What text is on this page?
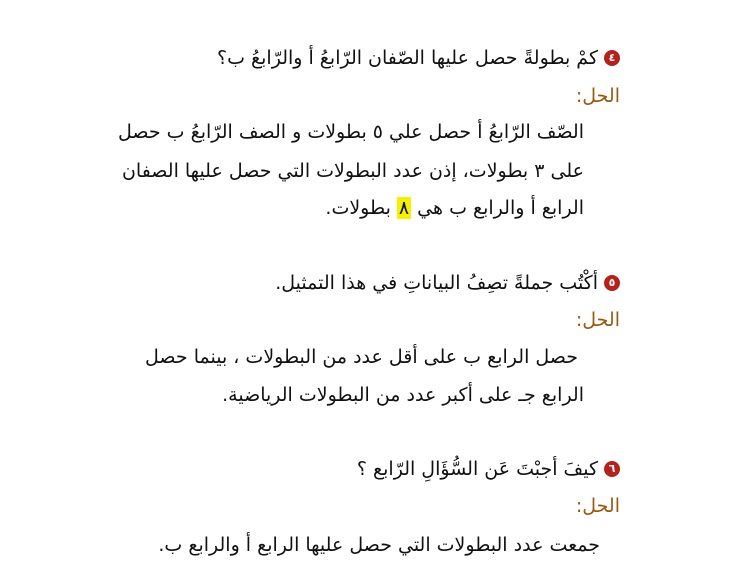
٤
كمْ بطولةً حصل عليها الصّفان الرّابعُ أ والرّابعُ ب؟
الحل:
الصّف الرّابعُ أ حصل علي ٥ بطولات و الصف الرّابعُ ب حصل
على ٣ بطولات، إذن عدد البطولات التي حصل عليها الصفان
الرابع أ والرابع ب هي ٨ بطولات.
٥
أكْتُب جملةً تصِفُ البياناتِ في هذا التمثيل.
الحل:
حصل الرابع ب على أقل عدد من البطولات ، بينما حصل
الرابع جـ على أكبر عدد من البطولات الرياضية.
٦
كيفَ أجبْتَ عَن السُّؤَالِ الرّابع ؟
الحل:
جمعت عدد البطولات التي حصل عليها الرابع أ والرابع ب.
